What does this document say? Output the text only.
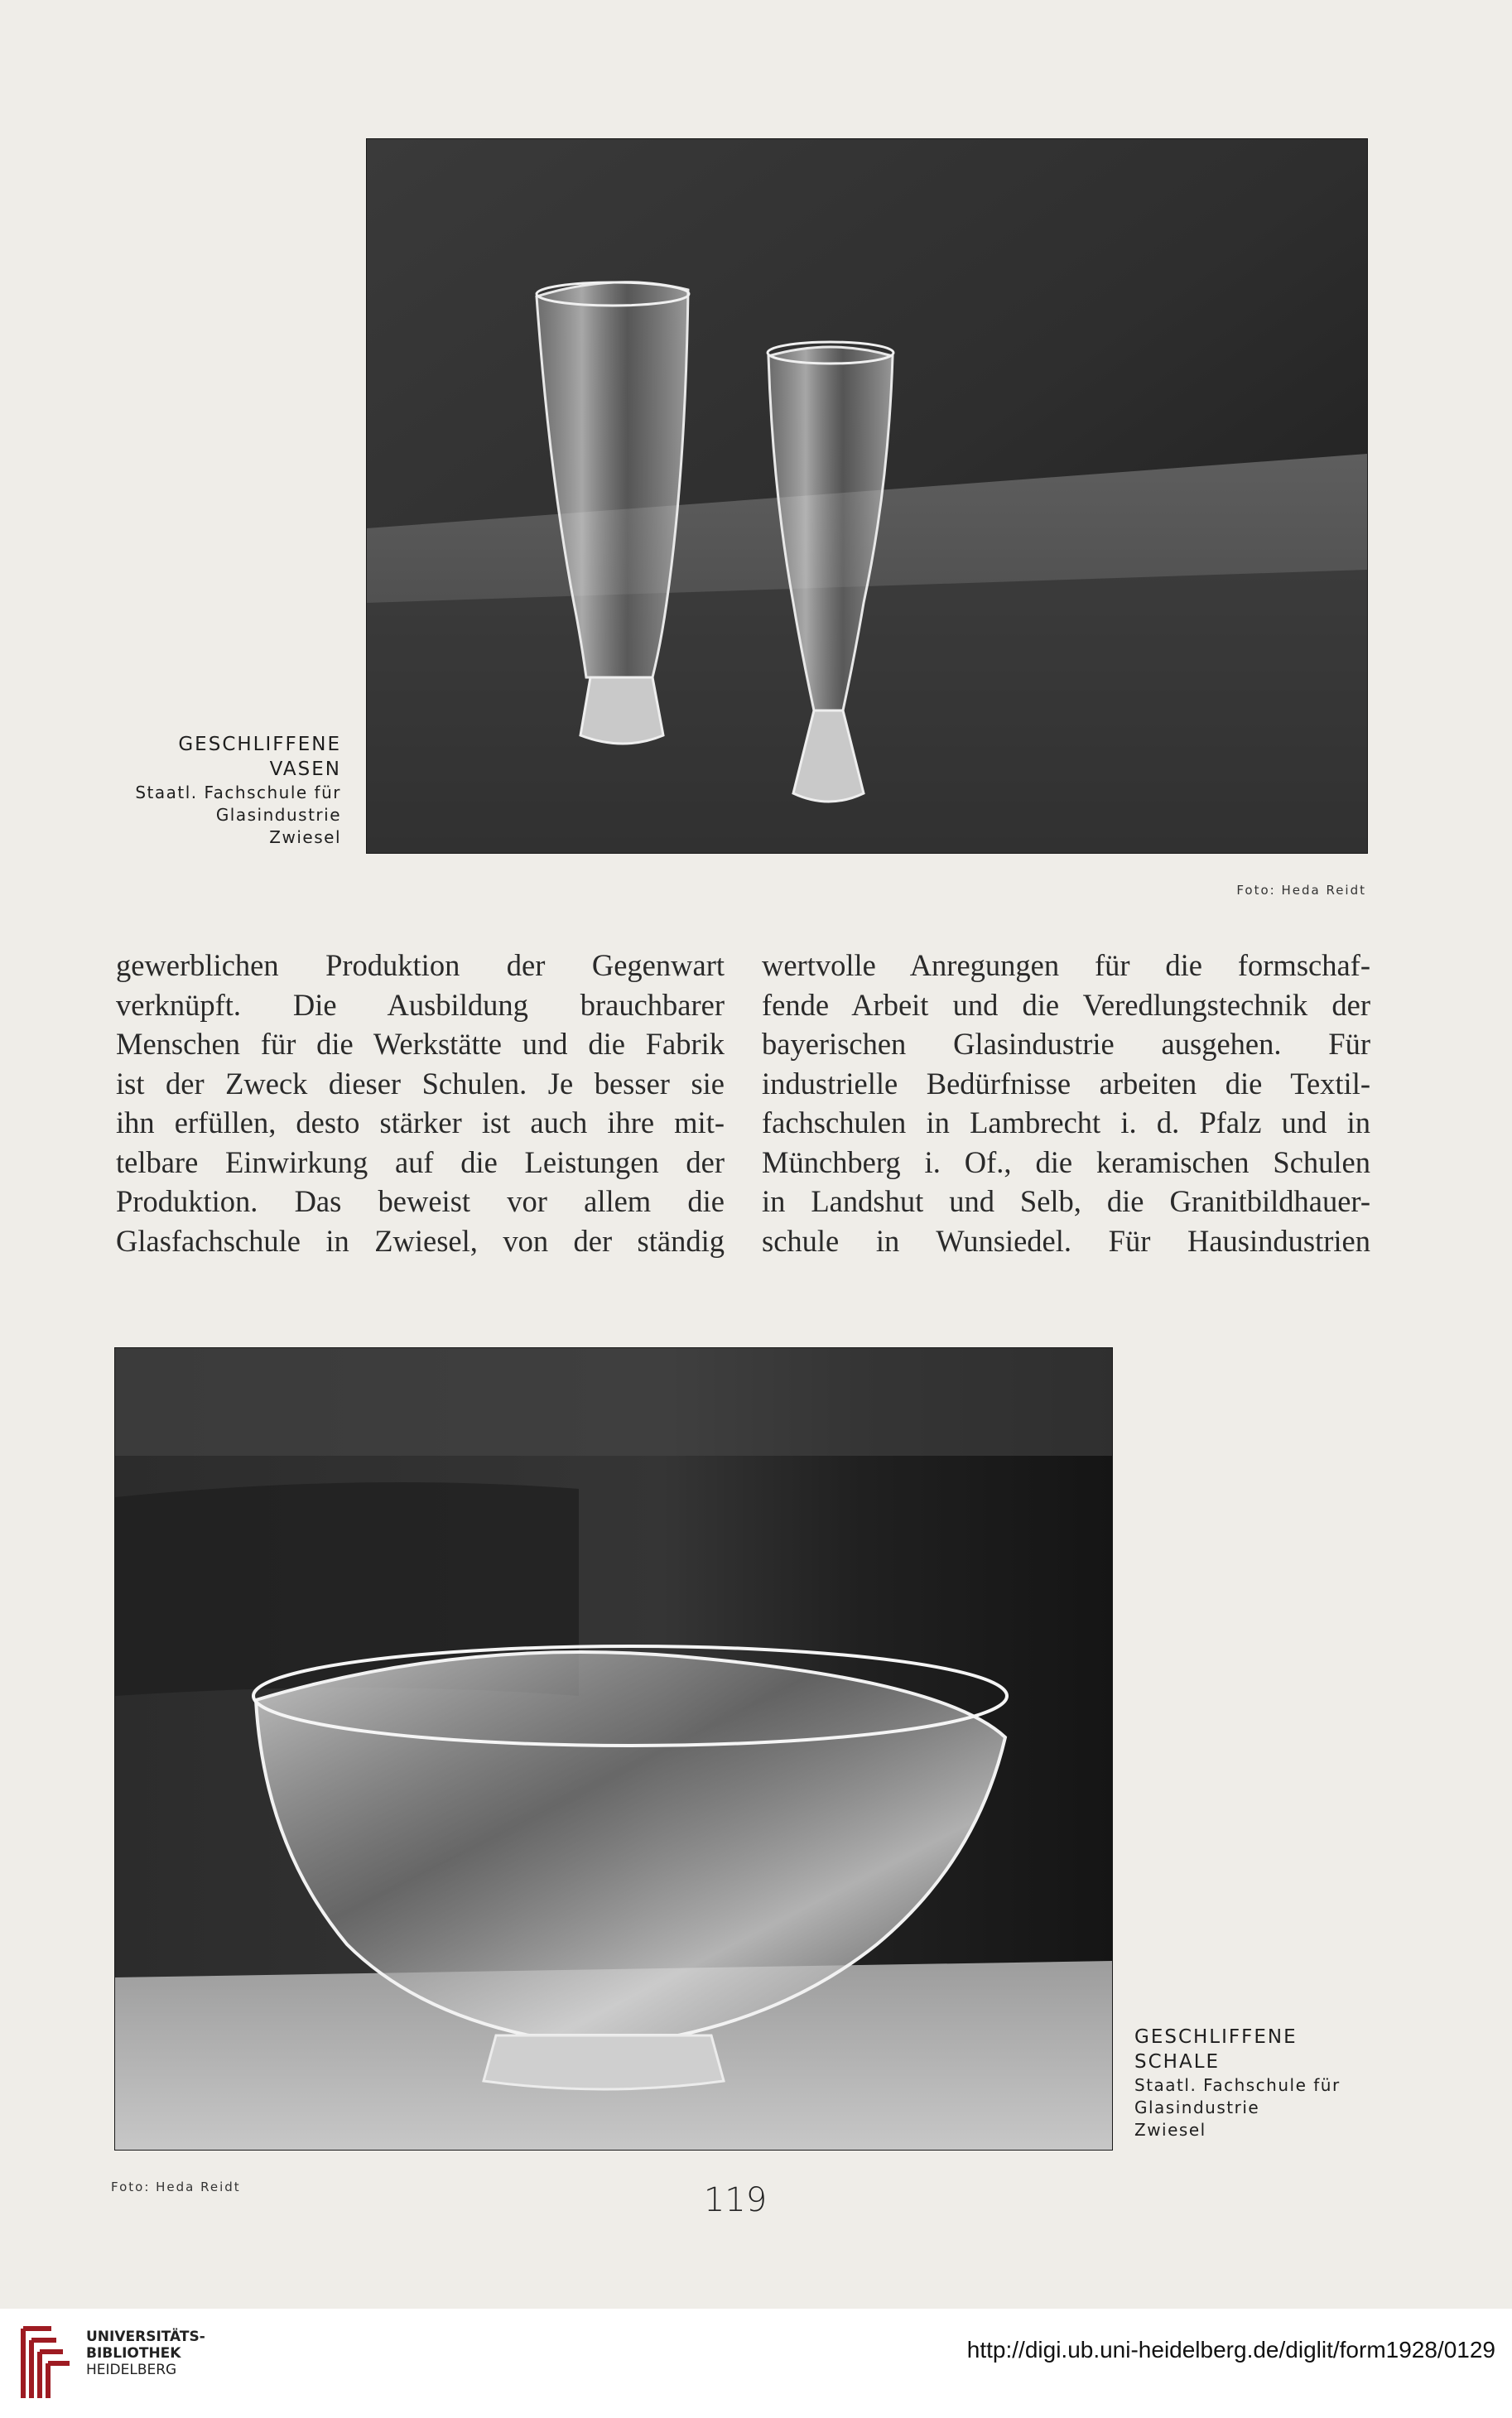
GESCHLIFFENE
VASEN
Staatl. Fachschule für
Glasindustrie
Zwiesel
Foto: Heda Reidt
gewerblichen Produktion der Gegenwart
verknüpft. Die Ausbildung brauchbarer
Menschen für die Werkstätte und die Fabrik
ist der Zweck dieser Schulen. Je besser sie
ihn erfüllen, desto stärker ist auch ihre mit-
telbare Einwirkung auf die Leistungen der
Produktion. Das beweist vor allem die
Glasfachschule in Zwiesel, von der ständig
wertvolle Anregungen für die formschaf-
fende Arbeit und die Veredlungstechnik der
bayerischen Glasindustrie ausgehen. Für
industrielle Bedürfnisse arbeiten die Textil-
fachschulen in Lambrecht i. d. Pfalz und in
Münchberg i. Of., die keramischen Schulen
in Landshut und Selb, die Granitbildhauer-
schule in Wunsiedel. Für Hausindustrien
GESCHLIFFENE
SCHALE
Staatl. Fachschule für
Glasindustrie
Zwiesel
Foto: Heda Reidt	119
UNIVERSITÄTS-
BIBLIOTHEK
HEIDELBERG
http://digi.ub.uni-heidelberg.de/diglit/form1928/0129
